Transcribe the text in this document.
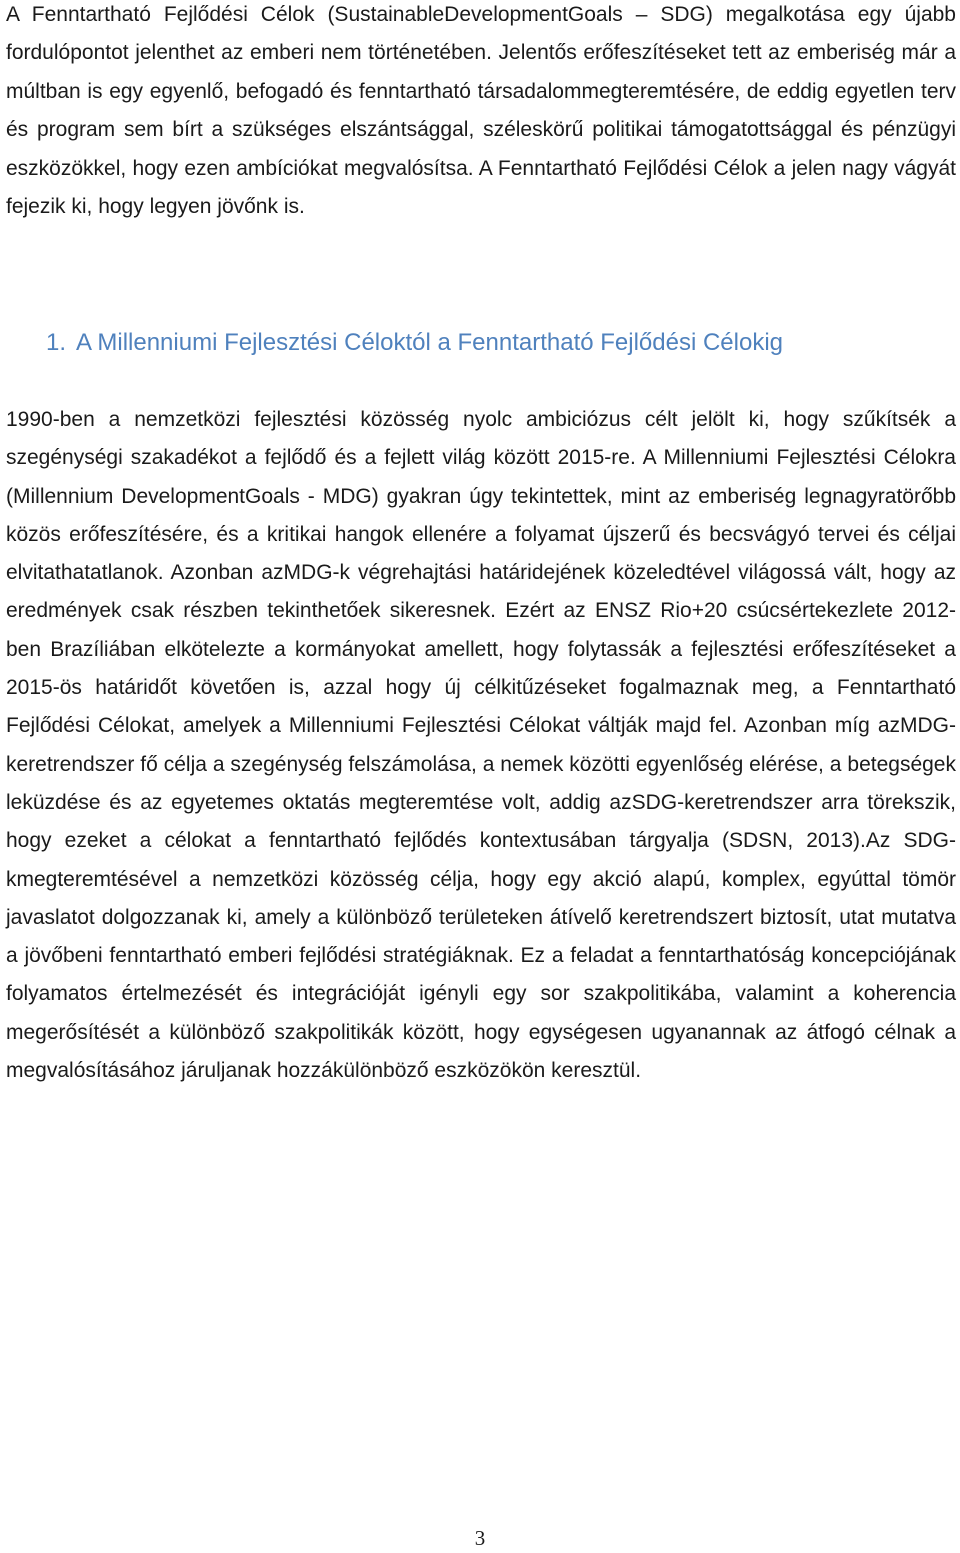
A Fenntartható Fejlődési Célok (SustainableDevelopmentGoals – SDG) megalkotása egy újabb fordulópontot jelenthet az emberi nem történetében. Jelentős erőfeszítéseket tett az emberiség már a múltban is egy egyenlő, befogadó és fenntartható társadalommegteremtésére, de eddig egyetlen terv és program sem bírt a szükséges elszántsággal, széleskörű politikai támogatottsággal és pénzügyi eszközökkel, hogy ezen ambíciókat megvalósítsa. A Fenntartható Fejlődési Célok a jelen nagy vágyát fejezik ki, hogy legyen jövőnk is.

1. A Millenniumi Fejlesztési Céloktól a Fenntartható Fejlődési Célokig

1990-ben a nemzetközi fejlesztési közösség nyolc ambiciózus célt jelölt ki, hogy szűkítsék a szegénységi szakadékot a fejlődő és a fejlett világ között 2015-re. A Millenniumi Fejlesztési Célokra (Millennium DevelopmentGoals - MDG) gyakran úgy tekintettek, mint az emberiség legnagyratörőbb közös erőfeszítésére, és a kritikai hangok ellenére a folyamat újszerű és becsvágyó tervei és céljai elvitathatatlanok. Azonban azMDG-k végrehajtási határidejének közeledtével világossá vált, hogy az eredmények csak részben tekinthetőek sikeresnek. Ezért az ENSZ Rio+20 csúcsértekezlete 2012-ben Brazíliában elkötelezte a kormányokat amellett, hogy folytassák a fejlesztési erőfeszítéseket a 2015-ös határidőt követően is, azzal hogy új célkitűzéseket fogalmaznak meg, a Fenntartható Fejlődési Célokat, amelyek a Millenniumi Fejlesztési Célokat váltják majd fel. Azonban míg azMDG-keretrendszer fő célja a szegénység felszámolása, a nemek közötti egyenlőség elérése, a betegségek leküzdése és az egyetemes oktatás megteremtése volt, addig azSDG-keretrendszer arra törekszik, hogy ezeket a célokat a fenntartható fejlődés kontextusában tárgyalja (SDSN, 2013).Az SDG-kmegteremtésével a nemzetközi közösség célja, hogy egy akció alapú, komplex, egyúttal tömör javaslatot dolgozzanak ki, amely a különböző területeken átívelő keretrendszert biztosít, utat mutatva a jövőbeni fenntartható emberi fejlődési stratégiáknak. Ez a feladat a fenntarthatóság koncepciójának folyamatos értelmezését és integrációját igényli egy sor szakpolitikába, valamint a koherencia megerősítését a különböző szakpolitikák között, hogy egységesen ugyanannak az átfogó célnak a megvalósításához járuljanak hozzákülönböző eszközökön keresztül.

3
